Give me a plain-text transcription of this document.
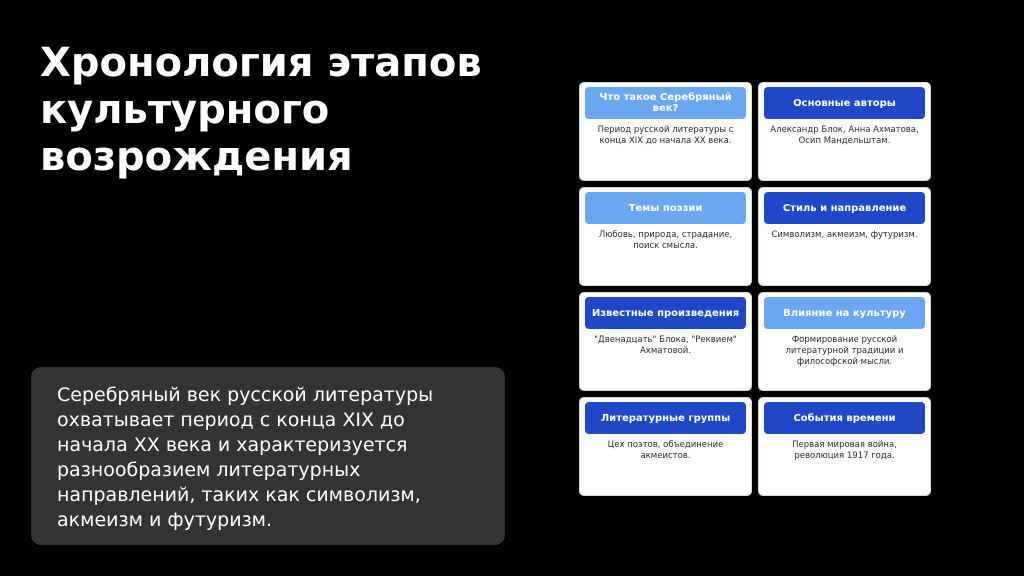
Хронология этапов культурного возрождения

Серебряный век русской литературы охватывает период с конца XIX до начала XX века и характеризуется разнообразием литературных направлений, таких как символизм, акмеизм и футуризм.

Что такое Серебряный век?
Период русской литературы с конца XIX до начала XX века.
Основные авторы
Александр Блок, Анна Ахматова, Осип Мандельштам.
Темы поэзии
Любовь, природа, страдание, поиск смысла.
Стиль и направление
Символизм, акмеизм, футуризм.
Известные произведения
"Двенадцать" Блока, "Реквием" Ахматовой.
Влияние на культуру
Формирование русской литературной традиции и философской мысли.
Литературные группы
Цех поэтов, объединение акмеистов.
События времени
Первая мировая война, революция 1917 года.
